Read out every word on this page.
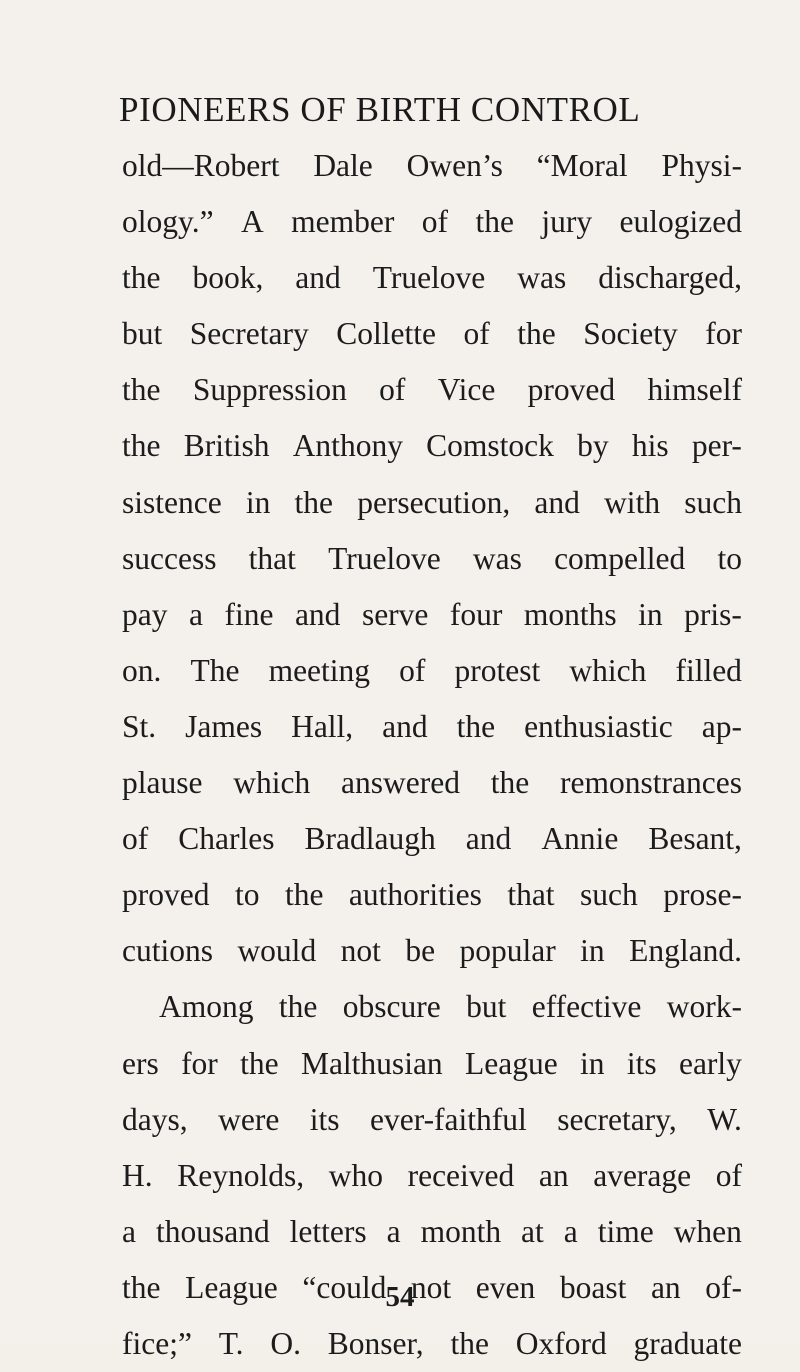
PIONEERS OF BIRTH CONTROL
old—Robert Dale Owen’s “Moral Physi-
ology.” A member of the jury eulogized
the book, and Truelove was discharged,
but Secretary Collette of the Society for
the Suppression of Vice proved himself
the British Anthony Comstock by his per-
sistence in the persecution, and with such
success that Truelove was compelled to
pay a fine and serve four months in pris-
on. The meeting of protest which filled
St. James Hall, and the enthusiastic ap-
plause which answered the remonstrances
of Charles Bradlaugh and Annie Besant,
proved to the authorities that such prose-
cutions would not be popular in England.
Among the obscure but effective work-
ers for the Malthusian League in its early
days, were its ever-faithful secretary, W.
H. Reynolds, who received an average of
a thousand letters a month at a time when
the League “could not even boast an of-
fice;” T. O. Bonser, the Oxford graduate
54
